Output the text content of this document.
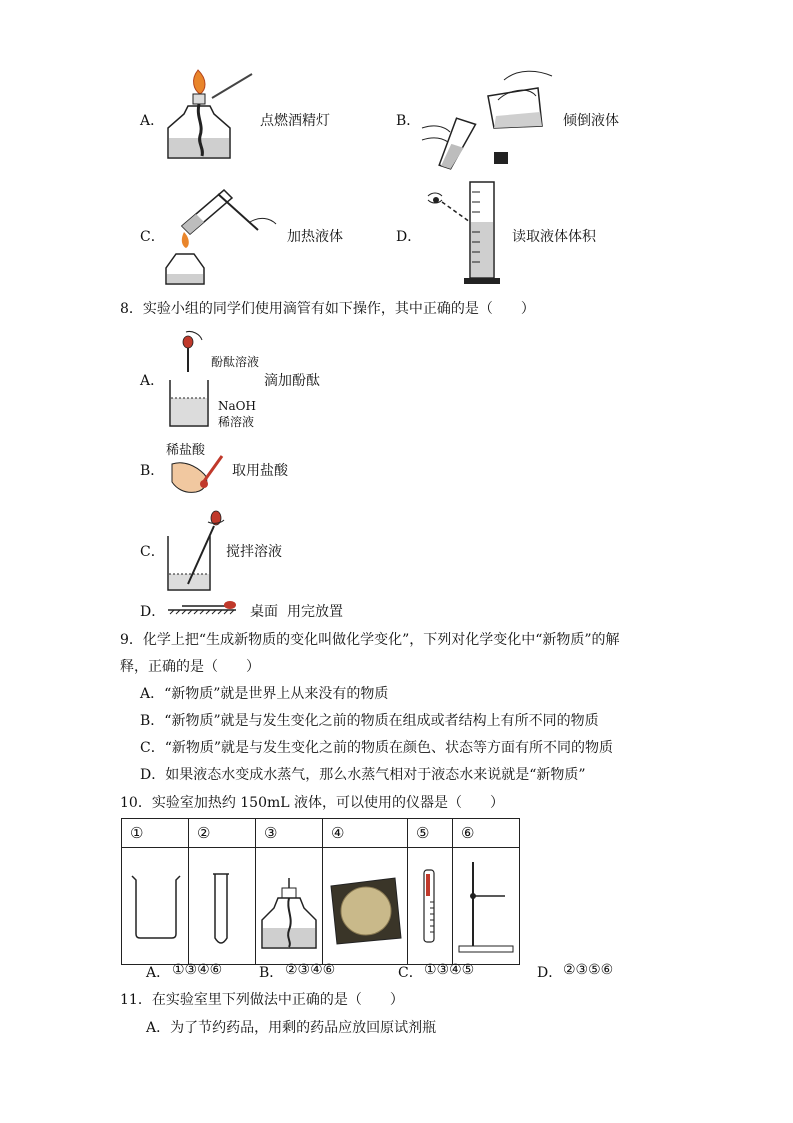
A．	点燃酒精灯	B．	倾倒液体
C．	加热液体	D．	读取液体体积
8．实验小组的同学们使用滴管有如下操作，其中正确的是（　　）
A．
酚酞溶液
滴加酚酞
NaOH
稀溶液
稀盐酸
B．	取用盐酸
C．	搅拌溶液
D．	桌面 用完放置
9．化学上把“生成新物质的变化叫做化学变化”，下列对化学变化中“新物质”的解
释，正确的是（　　）
A．“新物质”就是世界上从来没有的物质
B．“新物质”就是与发生变化之前的物质在组成或者结构上有所不同的物质
C．“新物质”就是与发生变化之前的物质在颜色、状态等方面有所不同的物质
D．如果液态水变成水蒸气，那么水蒸气相对于液态水来说就是“新物质”
10．实验室加热约 150mL 液体，可以使用的仪器是（　　）
①	②	③	④	⑤	⑥

A． ①③④⑥	B． ②③④⑥	C． ①③④⑤	D． ②③⑤⑥
11．在实验室里下列做法中正确的是（　　）
A．为了节约药品，用剩的药品应放回原试剂瓶
